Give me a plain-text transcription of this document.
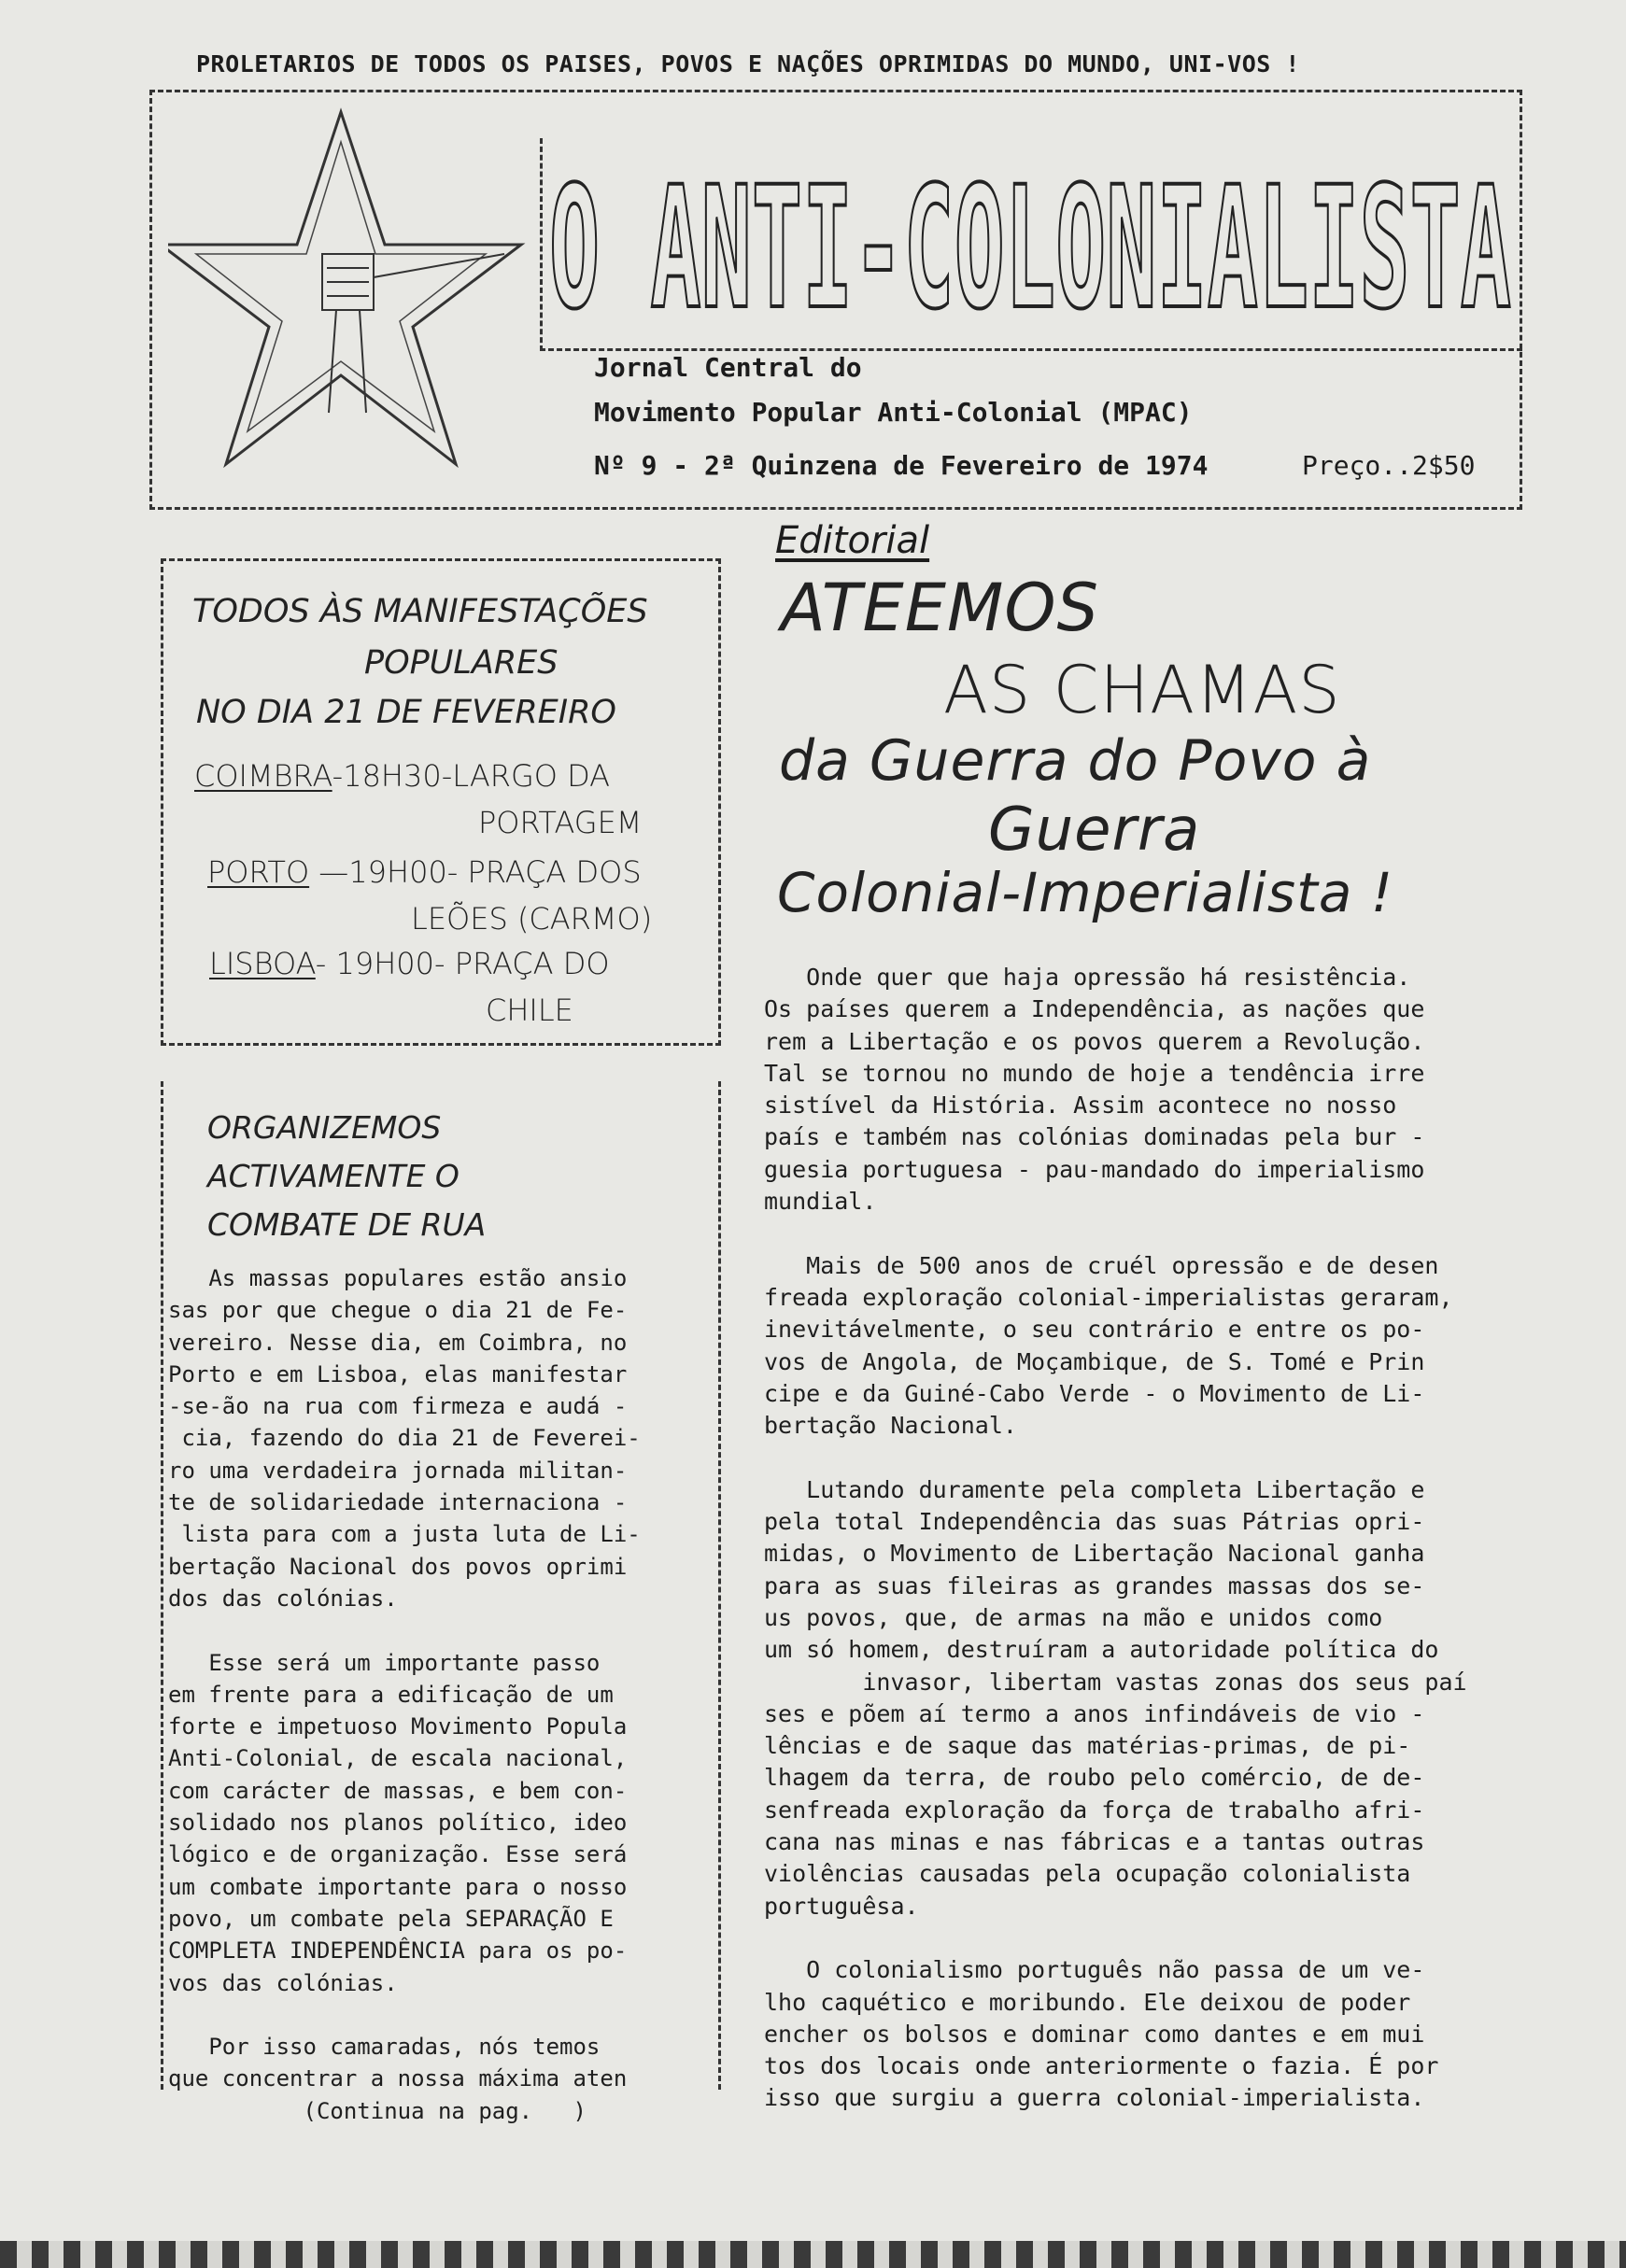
PROLETARIOS DE TODOS OS PAISES, POVOS E NAÇÕES OPRIMIDAS DO MUNDO, UNI-VOS !
O ANTI-COLONIALISTA
Jornal Central do
Movimento Popular Anti-Colonial (MPAC)
Nº 9 - 2ª Quinzena de Fevereiro de 1974	Preço..2$50
TODOS ÀS MANIFESTAÇÕES
POPULARES
NO DIA 21 DE FEVEREIRO
COIMBRA-18H30-LARGO DA
PORTAGEM
PORTO —19H00- PRAÇA DOS
LEÕES (CARMO)
LISBOA- 19H00- PRAÇA DO
CHILE
ORGANIZEMOS
ACTIVAMENTE O
COMBATE DE RUA
As massas populares estão ansio
sas por que chegue o dia 21 de Fe-
vereiro. Nesse dia, em Coimbra, no
Porto e em Lisboa, elas manifestar
-se-ão na rua com firmeza e audá -
cia, fazendo do dia 21 de Feverei-
ro uma verdadeira jornada militan-
te de solidariedade internaciona -
lista para com a justa luta de Li-
bertação Nacional dos povos oprimi
dos das colónias.

Esse será um importante passo
em frente para a edificação de um
forte e impetuoso Movimento Popula
Anti-Colonial, de escala nacional,
com carácter de massas, e bem con-
solidado nos planos político, ideo
lógico e de organização. Esse será
um combate importante para o nosso
povo, um combate pela SEPARAÇÃO E
COMPLETA INDEPENDÊNCIA para os po-
vos das colónias.

Por isso camaradas, nós temos
que concentrar a nossa máxima aten
(Continua na pag.   )
Editorial
ATEEMOS
AS CHAMAS
da Guerra do Povo à
Guerra
Colonial-Imperialista !
Onde quer que haja opressão há resistência.
Os países querem a Independência, as nações que
rem a Libertação e os povos querem a Revolução.
Tal se tornou no mundo de hoje a tendência irre
sistível da História. Assim acontece no nosso
país e também nas colónias dominadas pela bur -
guesia portuguesa - pau-mandado do imperialismo
mundial.

Mais de 500 anos de cruél opressão e de desen
freada exploração colonial-imperialistas geraram,
inevitávelmente, o seu contrário e entre os po-
vos de Angola, de Moçambique, de S. Tomé e Prin
cipe e da Guiné-Cabo Verde - o Movimento de Li-
bertação Nacional.

Lutando duramente pela completa Libertação e
pela total Independência das suas Pátrias opri-
midas, o Movimento de Libertação Nacional ganha
para as suas fileiras as grandes massas dos se-
us povos, que, de armas na mão e unidos como
um só homem, destruíram a autoridade política do
invasor, libertam vastas zonas dos seus paí
ses e põem aí termo a anos infindáveis de vio -
lências e de saque das matérias-primas, de pi-
lhagem da terra, de roubo pelo comércio, de de-
senfreada exploração da força de trabalho afri-
cana nas minas e nas fábricas e a tantas outras
violências causadas pela ocupação colonialista
portuguêsa.

O colonialismo português não passa de um ve-
lho caquético e moribundo. Ele deixou de poder
encher os bolsos e dominar como dantes e em mui
tos dos locais onde anteriormente o fazia. É por
isso que surgiu a guerra colonial-imperialista.
